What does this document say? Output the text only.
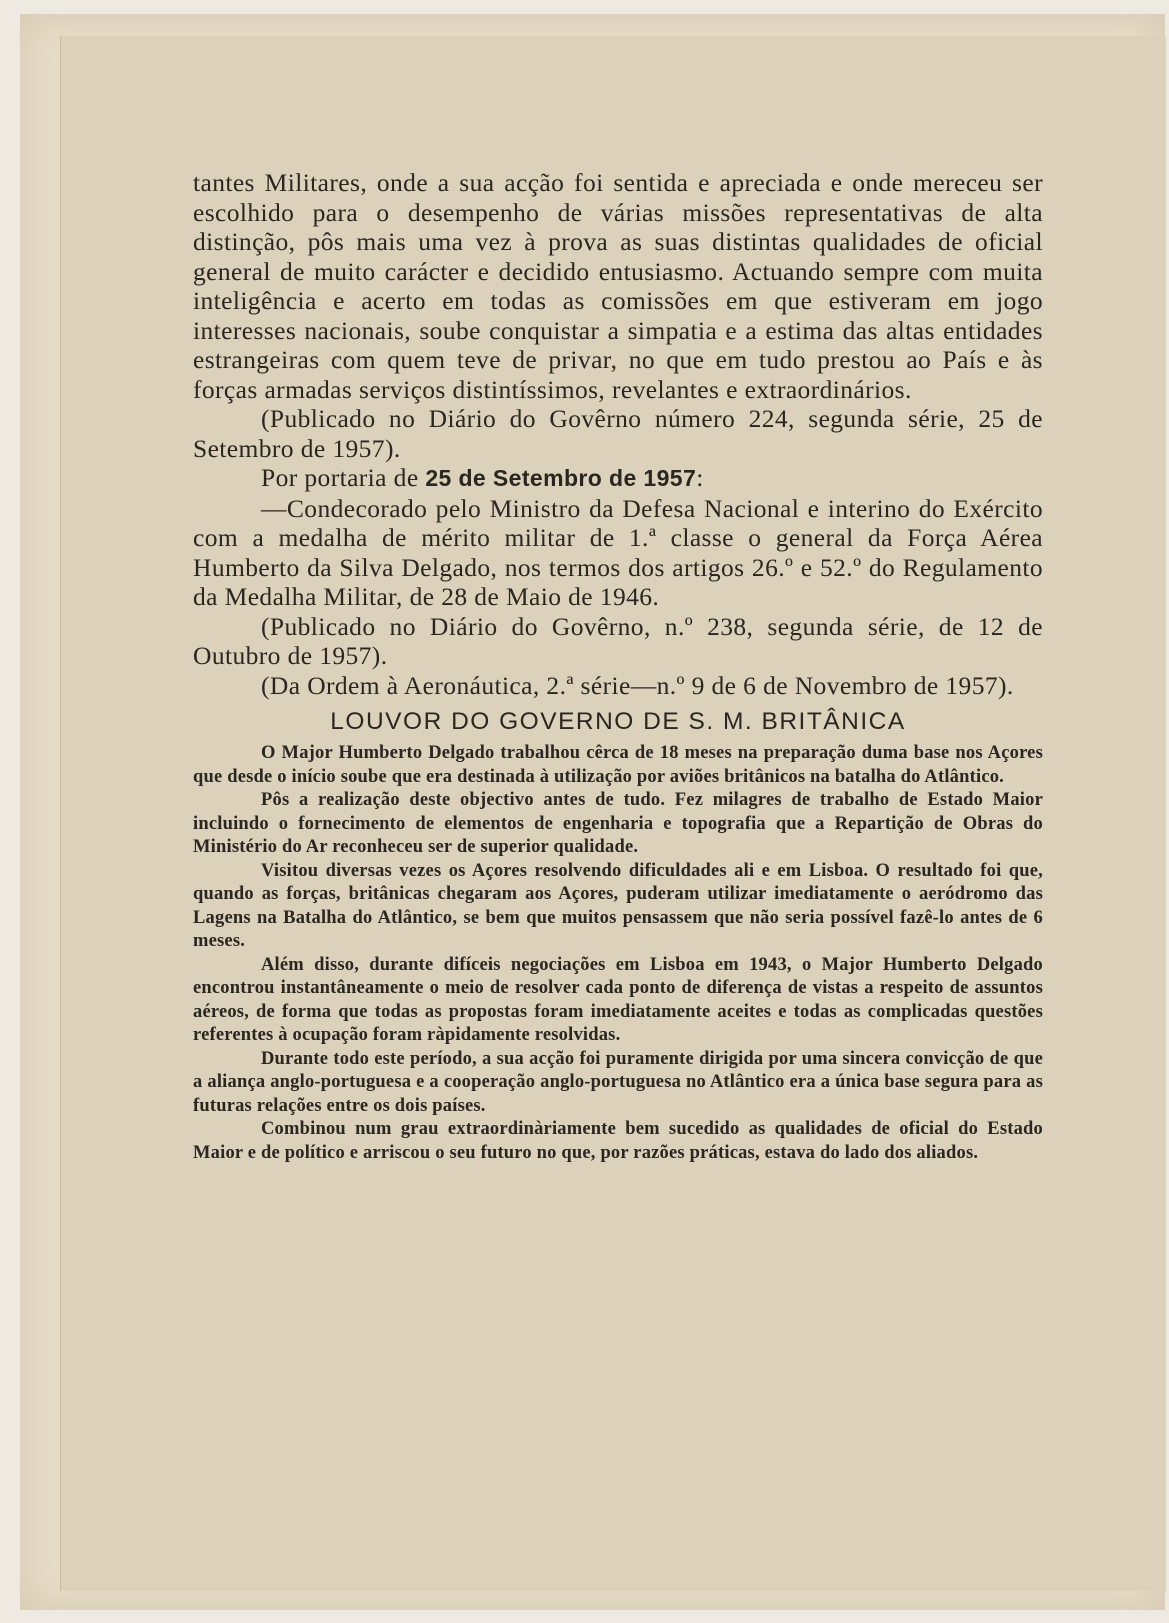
tantes Militares, onde a sua acção foi sentida e apreciada e onde mereceu ser escolhido para o desempenho de várias missões representativas de alta distinção, pôs mais uma vez à prova as suas distintas qualidades de oficial general de muito carácter e decidido entusiasmo. Actuando sempre com muita inteligência e acerto em todas as comissões em que estiveram em jogo interesses nacionais, soube conquistar a simpatia e a estima das altas entidades estrangeiras com quem teve de privar, no que em tudo prestou ao País e às forças armadas serviços distintíssimos, revelantes e extraordinários.

(Publicado no Diário do Govêrno número 224, segunda série, 25 de Setembro de 1957).

Por portaria de 25 de Setembro de 1957:

—Condecorado pelo Ministro da Defesa Nacional e interino do Exército com a medalha de mérito militar de 1.ª classe o general da Força Aérea Humberto da Silva Delgado, nos termos dos artigos 26.º e 52.º do Regulamento da Medalha Militar, de 28 de Maio de 1946.

(Publicado no Diário do Govêrno, n.º 238, segunda série, de 12 de Outubro de 1957).

(Da Ordem à Aeronáutica, 2.ª série—n.º 9 de 6 de Novembro de 1957).

LOUVOR DO GOVERNO DE S. M. BRITÂNICA

O Major Humberto Delgado trabalhou cêrca de 18 meses na preparação duma base nos Açores que desde o início soube que era destinada à utilização por aviões britânicos na batalha do Atlântico.

Pôs a realização deste objectivo antes de tudo. Fez milagres de trabalho de Estado Maior incluindo o fornecimento de elementos de engenharia e topografia que a Repartição de Obras do Ministério do Ar reconheceu ser de superior qualidade.

Visitou diversas vezes os Açores resolvendo dificuldades ali e em Lisboa. O resultado foi que, quando as forças, britânicas chegaram aos Açores, puderam utilizar imediatamente o aeródromo das Lagens na Batalha do Atlântico, se bem que muitos pensassem que não seria possível fazê-lo antes de 6 meses.

Além disso, durante difíceis negociações em Lisboa em 1943, o Major Humberto Delgado encontrou instantâneamente o meio de resolver cada ponto de diferença de vistas a respeito de assuntos aéreos, de forma que todas as propostas foram imediatamente aceites e todas as complicadas questões referentes à ocupação foram ràpidamente resolvidas.

Durante todo este período, a sua acção foi puramente dirigida por uma sincera convicção de que a aliança anglo-portuguesa e a cooperação anglo-portuguesa no Atlântico era a única base segura para as futuras relações entre os dois países.

Combinou num grau extraordinàriamente bem sucedido as qualidades de oficial do Estado Maior e de político e arriscou o seu futuro no que, por razões práticas, estava do lado dos aliados.
